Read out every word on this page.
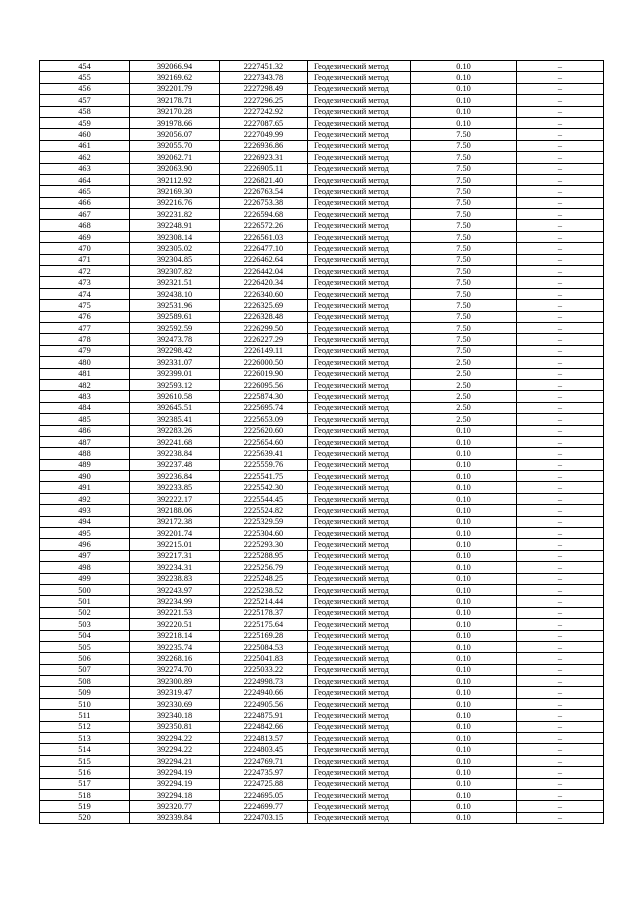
454	392066.94	2227451.32	Геодезический метод	0.10	–
455	392169.62	2227343.78	Геодезический метод	0.10	–
456	392201.79	2227298.49	Геодезический метод	0.10	–
457	392178.71	2227296.25	Геодезический метод	0.10	–
458	392170.28	2227242.92	Геодезический метод	0.10	–
459	391978.66	2227087.65	Геодезический метод	0.10	–
460	392056.07	2227049.99	Геодезический метод	7.50	–
461	392055.70	2226936.86	Геодезический метод	7.50	–
462	392062.71	2226923.31	Геодезический метод	7.50	–
463	392063.90	2226905.11	Геодезический метод	7.50	–
464	392112.92	2226821.40	Геодезический метод	7.50	–
465	392169.30	2226763.54	Геодезический метод	7.50	–
466	392216.76	2226753.38	Геодезический метод	7.50	–
467	392231.82	2226594.68	Геодезический метод	7.50	–
468	392248.91	2226572.26	Геодезический метод	7.50	–
469	392308.14	2226561.03	Геодезический метод	7.50	–
470	392305.02	2226477.10	Геодезический метод	7.50	–
471	392304.85	2226462.64	Геодезический метод	7.50	–
472	392307.82	2226442.04	Геодезический метод	7.50	–
473	392321.51	2226420.34	Геодезический метод	7.50	–
474	392438.10	2226340.60	Геодезический метод	7.50	–
475	392531.96	2226325.69	Геодезический метод	7.50	–
476	392589.61	2226328.48	Геодезический метод	7.50	–
477	392592.59	2226299.50	Геодезический метод	7.50	–
478	392473.78	2226227.29	Геодезический метод	7.50	–
479	392298.42	2226149.11	Геодезический метод	7.50	–
480	392331.07	2226000.50	Геодезический метод	2.50	–
481	392399.01	2226019.90	Геодезический метод	2.50	–
482	392593.12	2226095.56	Геодезический метод	2.50	–
483	392610.58	2225874.30	Геодезический метод	2.50	–
484	392645.51	2225695.74	Геодезический метод	2.50	–
485	392385.41	2225653.09	Геодезический метод	2.50	–
486	392283.26	2225620.60	Геодезический метод	0.10	–
487	392241.68	2225654.60	Геодезический метод	0.10	–
488	392238.84	2225639.41	Геодезический метод	0.10	–
489	392237.48	2225559.76	Геодезический метод	0.10	–
490	392236.84	2225541.75	Геодезический метод	0.10	–
491	392233.85	2225542.30	Геодезический метод	0.10	–
492	392222.17	2225544.45	Геодезический метод	0.10	–
493	392188.06	2225524.82	Геодезический метод	0.10	–
494	392172.38	2225329.59	Геодезический метод	0.10	–
495	392201.74	2225304.60	Геодезический метод	0.10	–
496	392215.01	2225293.30	Геодезический метод	0.10	–
497	392217.31	2225288.95	Геодезический метод	0.10	–
498	392234.31	2225256.79	Геодезический метод	0.10	–
499	392238.83	2225248.25	Геодезический метод	0.10	–
500	392243.97	2225238.52	Геодезический метод	0.10	–
501	392234.99	2225214.44	Геодезический метод	0.10	–
502	392221.53	2225178.37	Геодезический метод	0.10	–
503	392220.51	2225175.64	Геодезический метод	0.10	–
504	392218.14	2225169.28	Геодезический метод	0.10	–
505	392235.74	2225084.53	Геодезический метод	0.10	–
506	392268.16	2225041.83	Геодезический метод	0.10	–
507	392274.70	2225033.22	Геодезический метод	0.10	–
508	392300.89	2224998.73	Геодезический метод	0.10	–
509	392319.47	2224940.66	Геодезический метод	0.10	–
510	392330.69	2224905.56	Геодезический метод	0.10	–
511	392340.18	2224875.91	Геодезический метод	0.10	–
512	392350.81	2224842.66	Геодезический метод	0.10	–
513	392294.22	2224813.57	Геодезический метод	0.10	–
514	392294.22	2224803.45	Геодезический метод	0.10	–
515	392294.21	2224769.71	Геодезический метод	0.10	–
516	392294.19	2224735.97	Геодезический метод	0.10	–
517	392294.19	2224725.88	Геодезический метод	0.10	–
518	392294.18	2224695.05	Геодезический метод	0.10	–
519	392320.77	2224699.77	Геодезический метод	0.10	–
520	392339.84	2224703.15	Геодезический метод	0.10	–
